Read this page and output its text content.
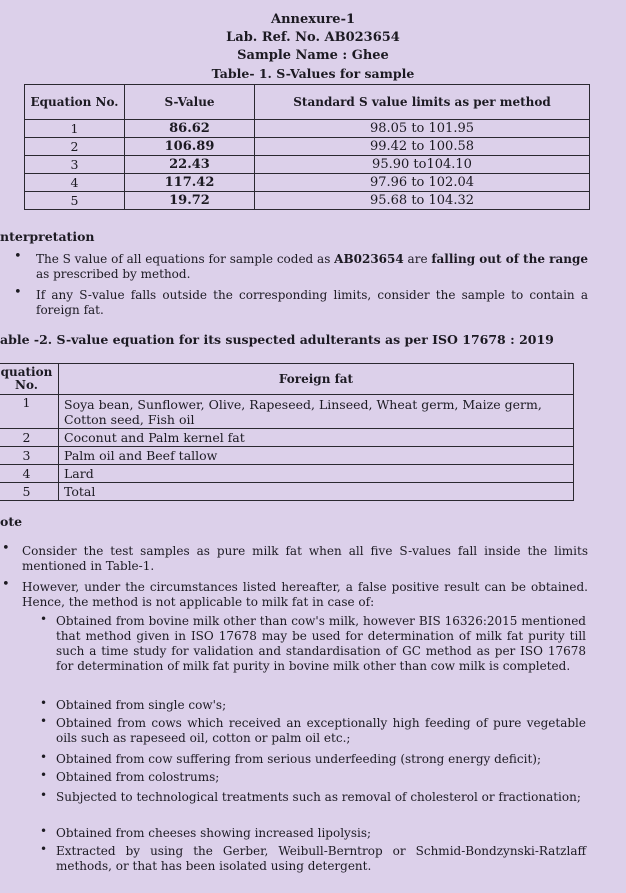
Annexure-1
Lab. Ref. No. AB023654
Sample Name : Ghee
Table- 1. S-Values for sample
Equation No.	S-Value	Standard S value limits as per method
1	86.62	98.05 to 101.95
2	106.89	99.42 to 100.58
3	22.43	95.90 to104.10
4	117.42	97.96 to 102.04
5	19.72	95.68 to 104.32
nterpretation
• The S value of all equations for sample coded as AB023654 are falling out of the range as prescribed by method.
• If any S-value falls outside the corresponding limits, consider the sample to contain a foreign fat.
able -2. S-value equation for its suspected adulterants as per ISO 17678 : 2019
quation No.	Foreign fat
1	Soya bean, Sunflower, Olive, Rapeseed, Linseed, Wheat germ, Maize germ, Cotton seed, Fish oil
2	Coconut and Palm kernel fat
3	Palm oil and Beef tallow
4	Lard
5	Total
ote
• Consider the test samples as pure milk fat when all five S-values fall inside the limits mentioned in Table-1.
• However, under the circumstances listed hereafter, a false positive result can be obtained. Hence, the method is not applicable to milk fat in case of:
• Obtained from bovine milk other than cow's milk, however BIS 16326:2015 mentioned that method given in ISO 17678 may be used for determination of milk fat purity till such a time study for validation and standardisation of GC method as per ISO 17678 for determination of milk fat purity in bovine milk other than cow milk is completed.
• Obtained from single cow's;
• Obtained from cows which received an exceptionally high feeding of pure vegetable oils such as rapeseed oil, cotton or palm oil etc.;
• Obtained from cow suffering from serious underfeeding (strong energy deficit);
• Obtained from colostrums;
• Subjected to technological treatments such as removal of cholesterol or fractionation;
• Obtained from cheeses showing increased lipolysis;
• Extracted by using the Gerber, Weibull-Berntrop or Schmid-Bondzynski-Ratzlaff methods, or that has been isolated using detergent.
